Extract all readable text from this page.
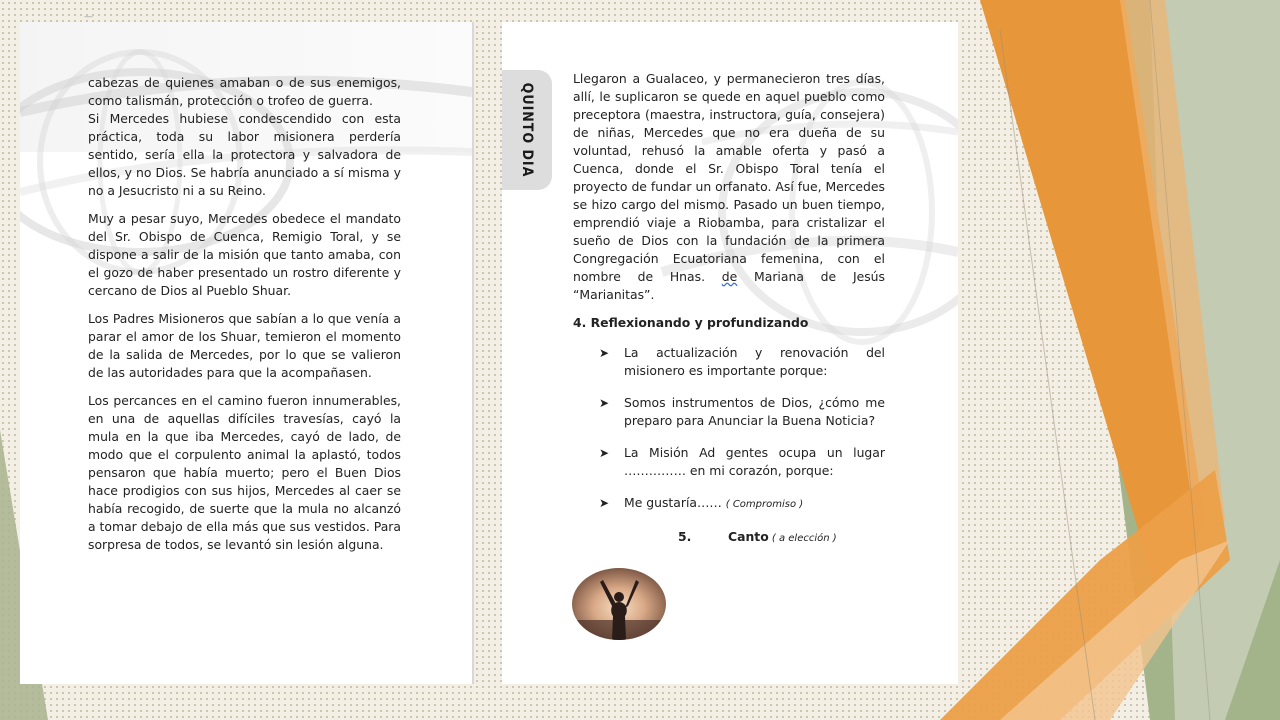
—

cabezas de quienes amaban o de sus enemigos, como talismán, protección o trofeo de guerra.

Si Mercedes hubiese condescendido con esta práctica, toda su labor misionera perdería sentido, sería ella la protectora y salvadora de ellos, y no Dios. Se habría anunciado a sí misma y no a Jesucristo ni a su Reino.

Muy a pesar suyo, Mercedes obedece el mandato del Sr. Obispo de Cuenca, Remigio Toral, y se dispone a salir de la misión que tanto amaba, con el gozo de haber presentado un rostro diferente y cercano de Dios al Pueblo Shuar.

Los Padres Misioneros que sabían a lo que venía a parar el amor de los Shuar, temieron el momento de la salida de Mercedes, por lo que se valieron de las autoridades para que la acompañasen.

Los percances en el camino fueron innumerables, en una de aquellas difíciles travesías, cayó la mula en la que iba Mercedes, cayó de lado, de modo que el corpulento animal la aplastó, todos pensaron que había muerto; pero el Buen Dios hace prodigios con sus hijos, Mercedes al caer se había recogido, de suerte que la mula no alcanzó a tomar debajo de ella más que sus vestidos. Para sorpresa de todos, se levantó sin lesión alguna.

QUINTO DIA

Llegaron a Gualaceo, y permanecieron tres días, allí, le suplicaron se quede en aquel pueblo como preceptora (maestra, instructora, guía, consejera) de niñas, Mercedes que no era dueña de su voluntad, rehusó la amable oferta y pasó a Cuenca, donde el Sr. Obispo Toral tenía el proyecto de fundar un orfanato. Así fue, Mercedes se hizo cargo del mismo. Pasado un buen tiempo, emprendió viaje a Riobamba, para cristalizar el sueño de Dios con la fundación de la primera Congregación Ecuatoriana femenina, con el nombre de Hnas. de Mariana de Jesús “Marianitas”.

4. Reflexionando y profundizando
➤ La actualización y renovación del misionero es importante porque:
➤ Somos instrumentos de Dios, ¿cómo me preparo para Anunciar la Buena Noticia?
➤ La Misión Ad gentes ocupa un lugar …………… en mi corazón, porque:
➤ Me gustaría…… ( Compromiso )
5.	Canto ( a elección )
